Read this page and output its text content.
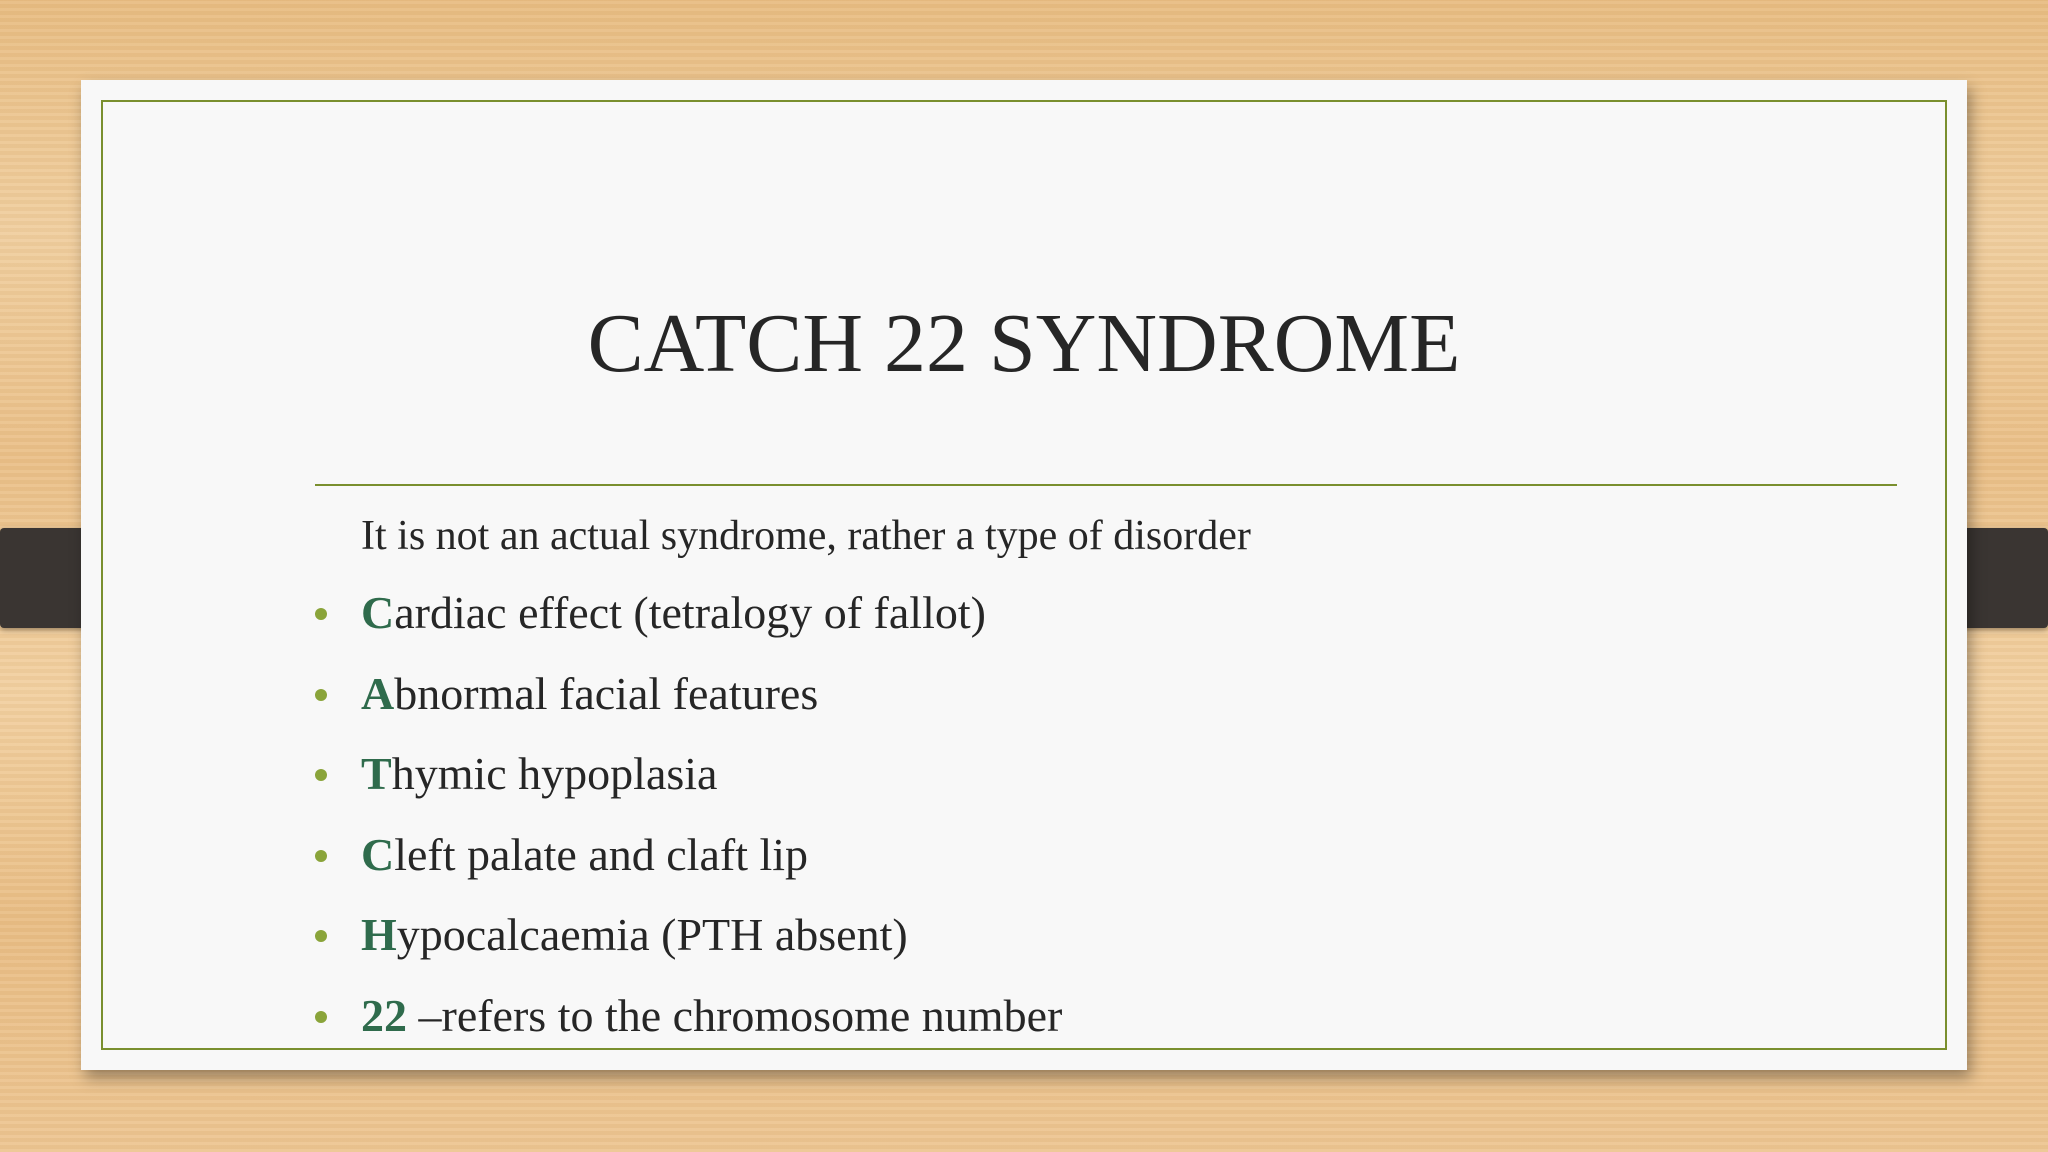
CATCH 22 SYNDROME
It is not an actual syndrome, rather a type of disorder
Cardiac effect (tetralogy of fallot)
Abnormal facial features
Thymic hypoplasia
Cleft palate and claft lip
Hypocalcaemia (PTH absent)
22 –refers to the chromosome number
